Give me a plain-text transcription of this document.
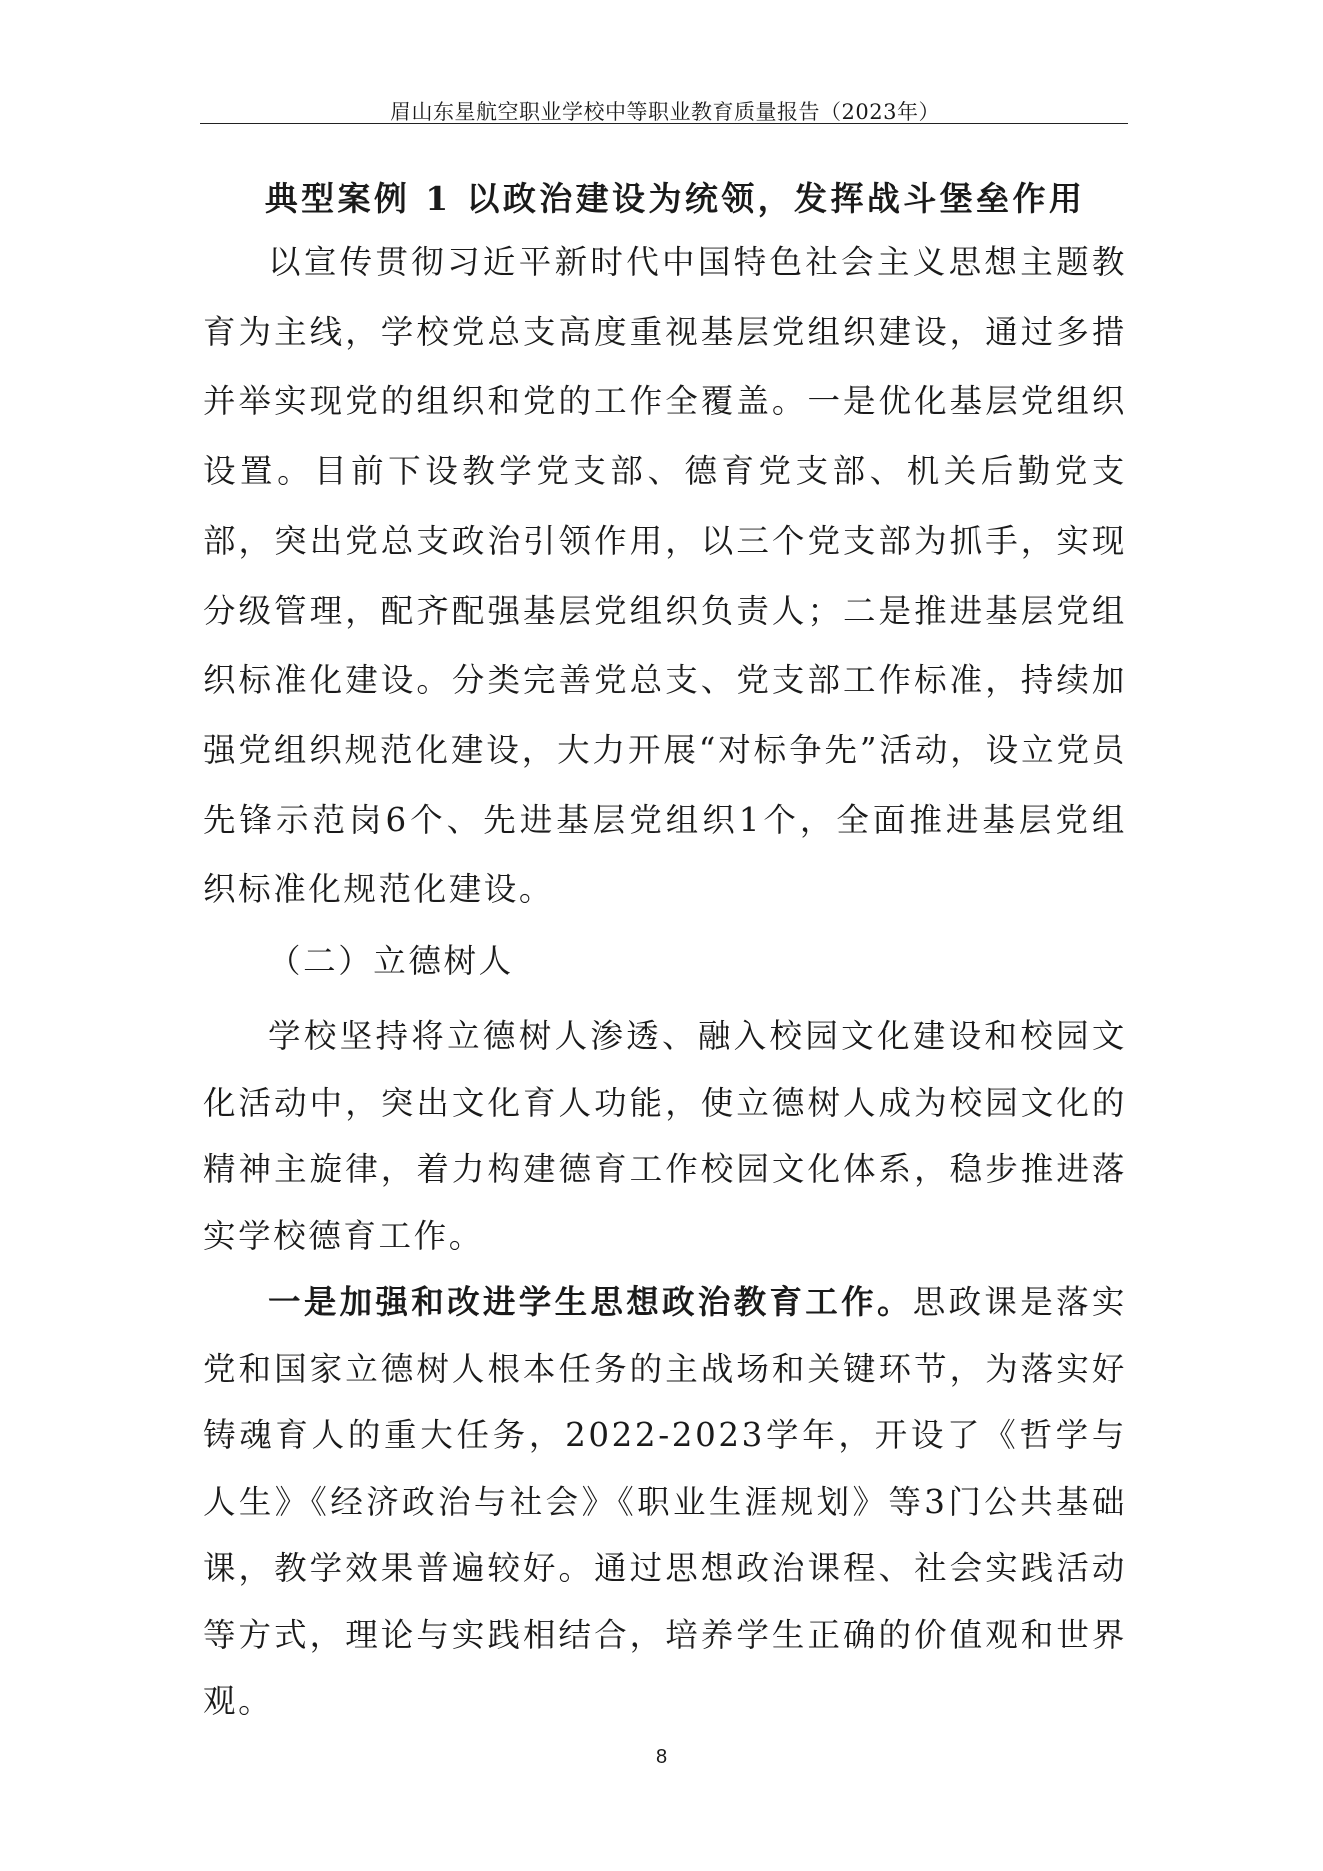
眉山东星航空职业学校中等职业教育质量报告（2023年）
典型案例 1 以政治建设为统领，发挥战斗堡垒作用

以宣传贯彻习近平新时代中国特色社会主义思想主题教育为主线，学校党总支高度重视基层党组织建设，通过多措并举实现党的组织和党的工作全覆盖。一是优化基层党组织设置。目前下设教学党支部、德育党支部、机关后勤党支部，突出党总支政治引领作用，以三个党支部为抓手，实现分级管理，配齐配强基层党组织负责人；二是推进基层党组织标准化建设。分类完善党总支、党支部工作标准，持续加强党组织规范化建设，大力开展“对标争先”活动，设立党员先锋示范岗6个、先进基层党组织1个，全面推进基层党组织标准化规范化建设。

（二）立德树人

学校坚持将立德树人渗透、融入校园文化建设和校园文化活动中，突出文化育人功能，使立德树人成为校园文化的精神主旋律，着力构建德育工作校园文化体系，稳步推进落实学校德育工作。

一是加强和改进学生思想政治教育工作。思政课是落实党和国家立德树人根本任务的主战场和关键环节，为落实好铸魂育人的重大任务，2022-2023学年，开设了《哲学与人生》《经济政治与社会》《职业生涯规划》等3门公共基础课，教学效果普遍较好。通过思想政治课程、社会实践活动等方式，理论与实践相结合，培养学生正确的价值观和世界观。

8
